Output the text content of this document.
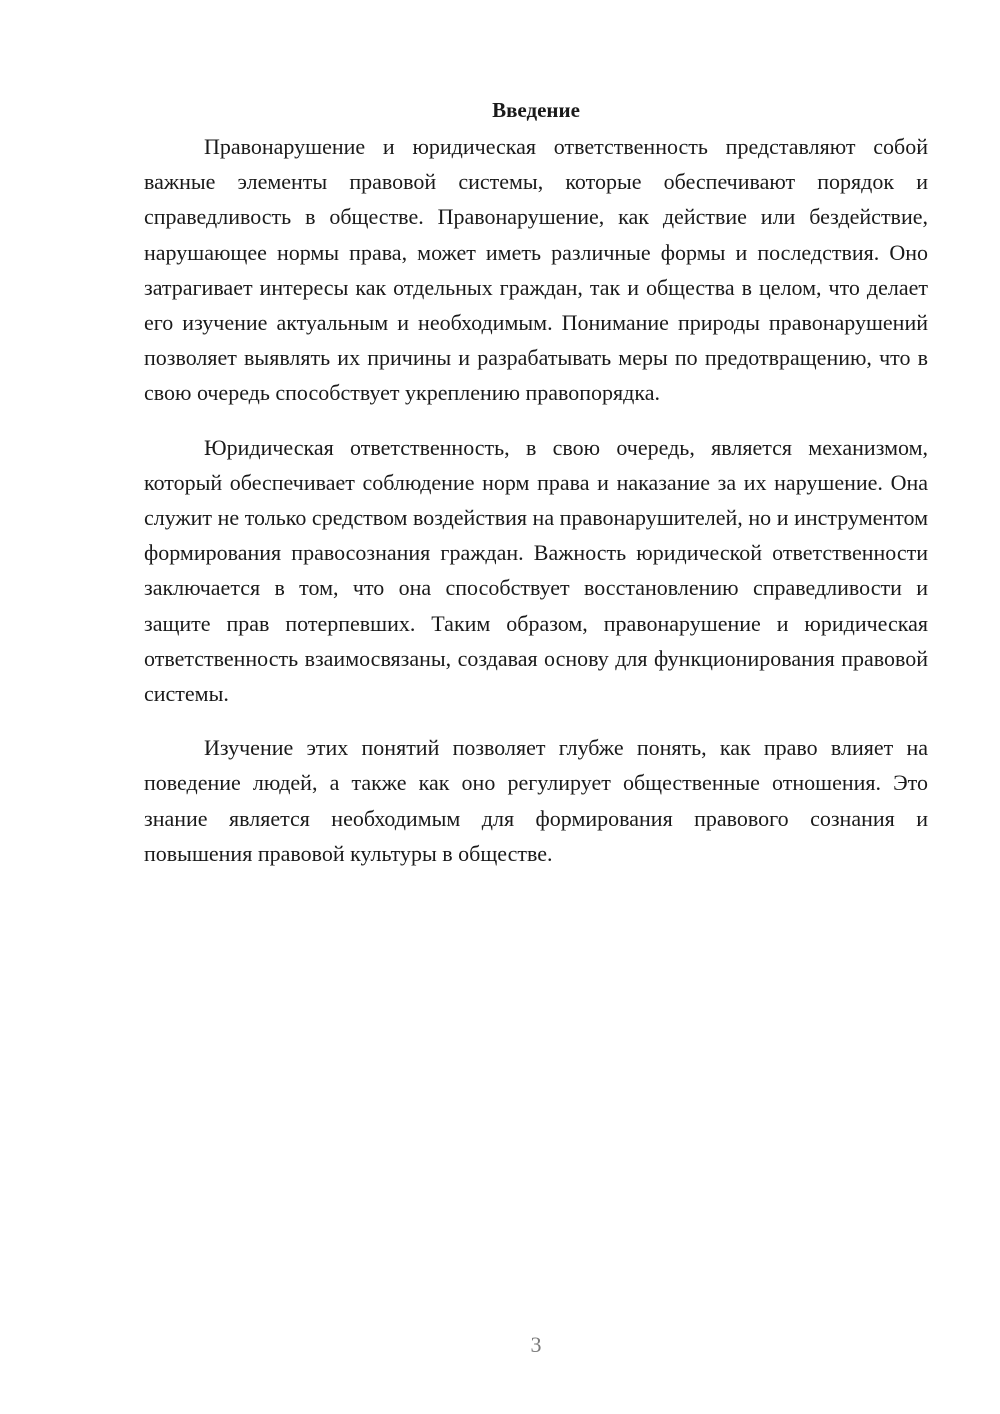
Введение

Правонарушение и юридическая ответственность представляют собой важные элементы правовой системы, которые обеспечивают порядок и справедливость в обществе. Правонарушение, как действие или бездействие, нарушающее нормы права, может иметь различные формы и последствия. Оно затрагивает интересы как отдельных граждан, так и общества в целом, что делает его изучение актуальным и необходимым. Понимание природы правонарушений позволяет выявлять их причины и разрабатывать меры по предотвращению, что в свою очередь способствует укреплению правопорядка.

Юридическая ответственность, в свою очередь, является механизмом, который обеспечивает соблюдение норм права и наказание за их нарушение. Она служит не только средством воздействия на правонарушителей, но и инструментом формирования правосознания граждан. Важность юридической ответственности заключается в том, что она способствует восстановлению справедливости и защите прав потерпевших. Таким образом, правонарушение и юридическая ответственность взаимосвязаны, создавая основу для функционирования правовой системы.

Изучение этих понятий позволяет глубже понять, как право влияет на поведение людей, а также как оно регулирует общественные отношения. Это знание является необходимым для формирования правового сознания и повышения правовой культуры в обществе.

3
